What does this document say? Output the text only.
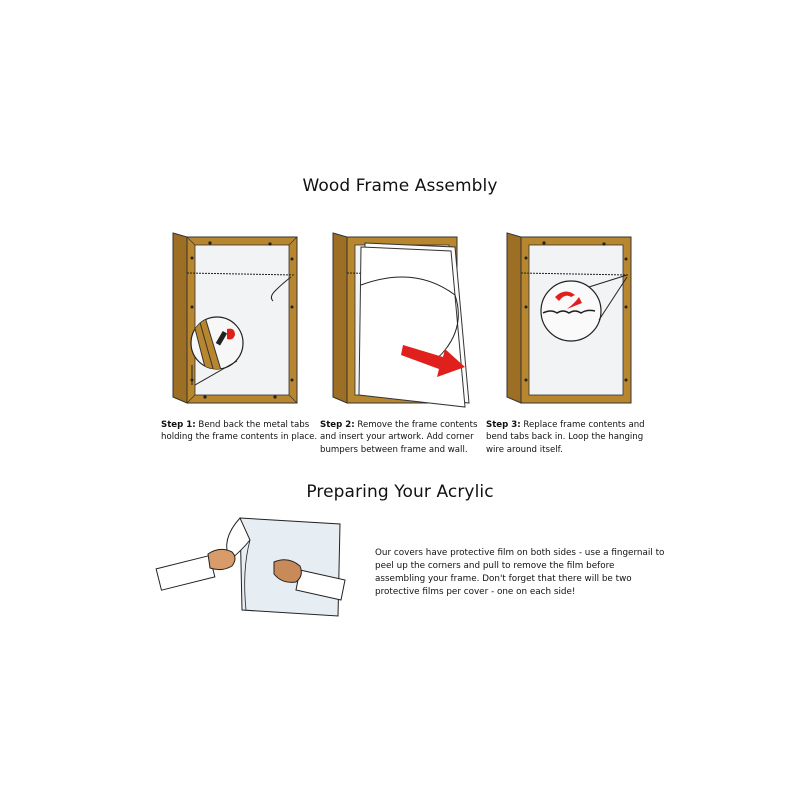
Wood Frame Assembly
Step 1: Bend back the metal tabs holding the frame contents in place.
Step 2: Remove the frame contents and insert your artwork. Add corner bumpers between frame and wall.
Step 3: Replace frame contents and bend tabs back in. Loop the hanging wire around itself.
Preparing Your Acrylic
Our covers have protective film on both sides - use a fingernail to peel up the corners and pull to remove the film before assembling your frame. Don't forget that there will be two protective films per cover - one on each side!
